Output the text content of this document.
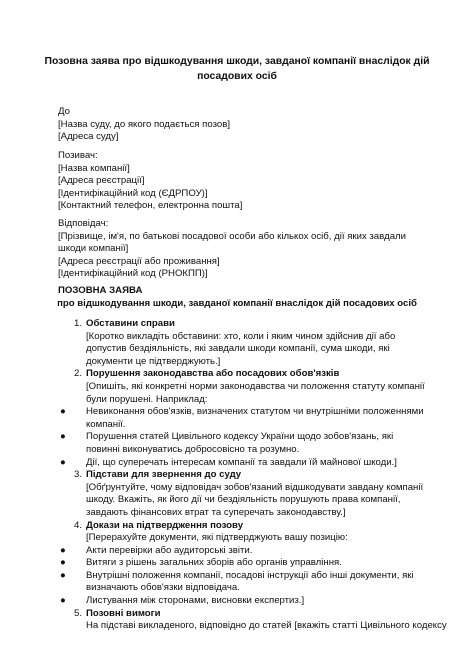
Позовна заява про відшкодування шкоди, завданої компанії внаслідок дій посадових осіб
До
[Назва суду, до якого подається позов]
[Адреса суду]
Позивач:
[Назва компанії]
[Адреса реєстрації]
[Ідентифікаційний код (ЄДРПОУ)]
[Контактний телефон, електронна пошта]
Відповідач:
[Прізвище, ім'я, по батькові посадової особи або кількох осіб, дії яких завдали шкоди компанії]
[Адреса реєстрації або проживання]
[Ідентифікаційний код (РНОКПП)]
ПОЗОВНА ЗАЯВА
про відшкодування шкоди, завданої компанії внаслідок дій посадових осіб
1. Обставини справи
[Коротко викладіть обставини: хто, коли і яким чином здійснив дії або допустив бездіяльність, які завдали шкоди компанії, сума шкоди, які документи це підтверджують.]
2. Порушення законодавства або посадових обов'язків
[Опишіть, які конкретні норми законодавства чи положення статуту компанії були порушені. Наприклад:
● Невиконання обов'язків, визначених статутом чи внутрішніми положеннями компанії.
● Порушення статей Цивільного кодексу України щодо зобов'язань, які повинні виконуватись добросовісно та розумно.
● Дії, що суперечать інтересам компанії та завдали їй майнової шкоди.]
3. Підстави для звернення до суду
[Обґрунтуйте, чому відповідач зобов'язаний відшкодувати завдану компанії шкоду. Вкажіть, як його дії чи бездіяльність порушують права компанії, завдають фінансових втрат та суперечать законодавству.]
4. Докази на підтвердження позову
[Перерахуйте документи, які підтверджують вашу позицію:
● Акти перевірки або аудиторські звіти.
● Витяги з рішень загальних зборів або органів управління.
● Внутрішні положення компанії, посадові інструкції або інші документи, які визначають обов'язки відповідача.
● Листування між сторонами, висновки експертиз.]
5. Позовні вимоги
На підставі викладеного, відповідно до статей [вкажіть статті Цивільного кодексу
